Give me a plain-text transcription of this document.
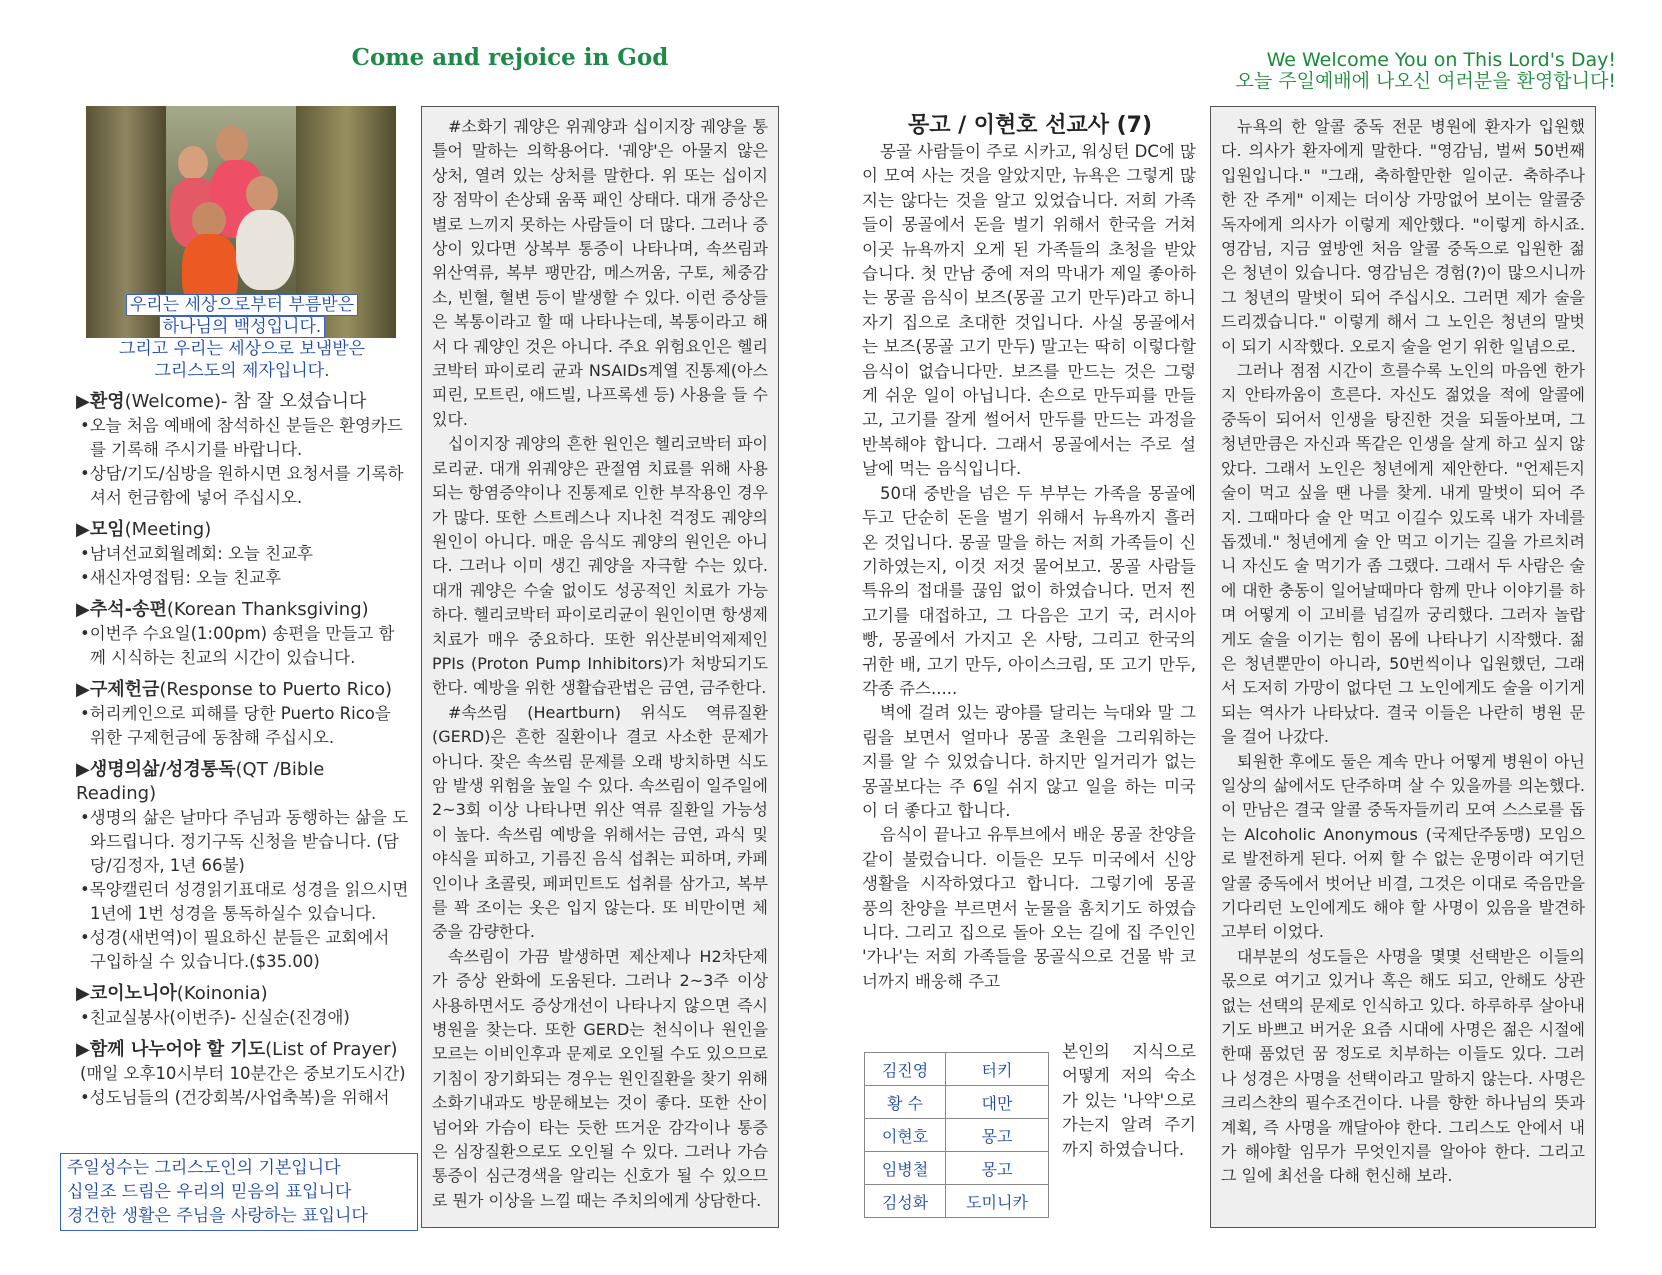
Come and rejoice in God	We Welcome You on This Lord's Day!
오늘 주일예배에 나오신 여러분을 환영합니다!
우리는 세상으로부터 부름받은
하나님의 백성입니다.
그리고 우리는 세상으로 보냄받은
그리스도의 제자입니다.
▶환영(Welcome)- 참 잘 오셨습니다
•오늘 처음 예배에 참석하신 분들은 환영카드를 기록해 주시기를 바랍니다.
•상담/기도/심방을 원하시면 요청서를 기록하셔서 헌금함에 넣어 주십시오.
▶모임(Meeting)
•남녀선교회월례회: 오늘 친교후
•새신자영접팀: 오늘 친교후
▶추석-송편(Korean Thanksgiving)
•이번주 수요일(1:00pm) 송편을 만들고 함께 시식하는 친교의 시간이 있습니다.
▶구제헌금(Response to Puerto Rico)
•허리케인으로 피해를 당한 Puerto Rico을 위한 구제헌금에 동참해 주십시오.
▶생명의삶/성경통독(QT /Bible Reading)
•생명의 삶은 날마다 주님과 동행하는 삶을 도와드립니다. 정기구독 신청을 받습니다. (담당/김정자, 1년 66불)
•목양캘린더 성경읽기표대로 성경을 읽으시면 1년에 1번 성경을 통독하실수 있습니다.
•성경(새번역)이 필요하신 분들은 교회에서 구입하실 수 있습니다.($35.00)
▶코이노니아(Koinonia)
•친교실봉사(이번주)- 신실순(진경애)
▶함께 나누어야 할 기도(List of Prayer)
(매일 오후10시부터 10분간은 중보기도시간)
•성도님들의 (건강회복/사업축복)을 위해서
주일성수는 그리스도인의 기본입니다
십일조 드림은 우리의 믿음의 표입니다
경건한 생활은 주님을 사랑하는 표입니다

#소화기 궤양은 위궤양과 십이지장 궤양을 통틀어 말하는 의학용어다. '궤양'은 아물지 않은 상처, 열려 있는 상처를 말한다. 위 또는 십이지장 점막이 손상돼 움푹 패인 상태다. 대개 증상은 별로 느끼지 못하는 사람들이 더 많다. 그러나 증상이 있다면 상복부 통증이 나타나며, 속쓰림과 위산역류, 복부 팽만감, 메스꺼움, 구토, 체중감소, 빈혈, 혈변 등이 발생할 수 있다. 이런 증상들은 복통이라고 할 때 나타나는데, 복통이라고 해서 다 궤양인 것은 아니다. 주요 위험요인은 헬리코박터 파이로리 균과 NSAIDs계열 진통제(아스피린, 모트린, 애드빌, 나프록센 등) 사용을 들 수 있다.

십이지장 궤양의 흔한 원인은 헬리코박터 파이로리균. 대개 위궤양은 관절염 치료를 위해 사용되는 항염증약이나 진통제로 인한 부작용인 경우가 많다. 또한 스트레스나 지나친 걱정도 궤양의 원인이 아니다. 매운 음식도 궤양의 원인은 아니다. 그러나 이미 생긴 궤양을 자극할 수는 있다. 대개 궤양은 수술 없이도 성공적인 치료가 가능하다. 헬리코박터 파이로리균이 원인이면 항생제 치료가 매우 중요하다. 또한 위산분비억제제인 PPIs (Proton Pump Inhibitors)가 처방되기도 한다. 예방을 위한 생활습관법은 금연, 금주한다.

#속쓰림 (Heartburn) 위식도 역류질환(GERD)은 흔한 질환이나 결코 사소한 문제가 아니다. 잦은 속쓰림 문제를 오래 방치하면 식도암 발생 위험을 높일 수 있다. 속쓰림이 일주일에 2~3회 이상 나타나면 위산 역류 질환일 가능성이 높다. 속쓰림 예방을 위해서는 금연, 과식 및 야식을 피하고, 기름진 음식 섭취는 피하며, 카페인이나 초콜릿, 페퍼민트도 섭취를 삼가고, 복부를 꽉 조이는 옷은 입지 않는다. 또 비만이면 체중을 감량한다.

속쓰림이 가끔 발생하면 제산제나 H2차단제가 증상 완화에 도움된다. 그러나 2~3주 이상 사용하면서도 증상개선이 나타나지 않으면 즉시 병원을 찾는다. 또한 GERD는 천식이나 원인을 모르는 이비인후과 문제로 오인될 수도 있으므로 기침이 장기화되는 경우는 원인질환을 찾기 위해 소화기내과도 방문해보는 것이 좋다. 또한 산이 넘어와 가슴이 타는 듯한 뜨거운 감각이나 통증은 심장질환으로도 오인될 수 있다. 그러나 가슴통증이 심근경색을 알리는 신호가 될 수 있으므로 뭔가 이상을 느낄 때는 주치의에게 상담한다.

몽고 / 이현호 선교사 (7)

몽골 사람들이 주로 시카고, 워싱턴 DC에 많이 모여 사는 것을 알았지만, 뉴욕은 그렇게 많지는 않다는 것을 알고 있었습니다. 저희 가족들이 몽골에서 돈을 벌기 위해서 한국을 거쳐 이곳 뉴욕까지 오게 된 가족들의 초청을 받았습니다. 첫 만남 중에 저의 막내가 제일 좋아하는 몽골 음식이 보즈(몽골 고기 만두)라고 하니 자기 집으로 초대한 것입니다. 사실 몽골에서는 보즈(몽골 고기 만두) 말고는 딱히 이렇다할 음식이 없습니다만. 보즈를 만드는 것은 그렇게 쉬운 일이 아닙니다. 손으로 만두피를 만들고, 고기를 잘게 썰어서 만두를 만드는 과정을 반복해야 합니다. 그래서 몽골에서는 주로 설날에 먹는 음식입니다.

50대 중반을 넘은 두 부부는 가족을 몽골에 두고 단순히 돈을 벌기 위해서 뉴욕까지 흘러 온 것입니다. 몽골 말을 하는 저희 가족들이 신기하였는지, 이것 저것 물어보고. 몽골 사람들 특유의 접대를 끊임 없이 하였습니다. 먼저 찐 고기를 대접하고, 그 다음은 고기 국, 러시아 빵, 몽골에서 가지고 온 사탕, 그리고 한국의 귀한 배, 고기 만두, 아이스크림, 또 고기 만두, 각종 쥬스.....

벽에 걸려 있는 광야를 달리는 늑대와 말 그림을 보면서 얼마나 몽골 초원을 그리워하는 지를 알 수 있었습니다. 하지만 일거리가 없는 몽골보다는 주 6일 쉬지 않고 일을 하는 미국이 더 좋다고 합니다.

음식이 끝나고 유투브에서 배운 몽골 찬양을 같이 불렀습니다. 이들은 모두 미국에서 신앙 생활을 시작하였다고 합니다. 그렇기에 몽골 풍의 찬양을 부르면서 눈물을 훔치기도 하였습니다. 그리고 집으로 돌아 오는 길에 집 주인인 '가나'는 저희 가족들을 몽골식으로 건물 밖 코너까지 배웅해 주고

김진영	터키
황 수	대만
이현호	몽고
임병철	몽고
김성화	도미니카
본인의 지식으로 어떻게 저의 숙소가 있는 '나약'으로 가는지 알려 주기까지 하였습니다.

뉴욕의 한 알콜 중독 전문 병원에 환자가 입원했다. 의사가 환자에게 말한다. "영감님, 벌써 50번째 입원입니다." "그래, 축하할만한 일이군. 축하주나 한 잔 주게" 이제는 더이상 가망없어 보이는 알콜중독자에게 의사가 이렇게 제안했다. "이렇게 하시죠. 영감님, 지금 옆방엔 처음 알콜 중독으로 입원한 젊은 청년이 있습니다. 영감님은 경험(?)이 많으시니까 그 청년의 말벗이 되어 주십시오. 그러면 제가 술을 드리겠습니다." 이렇게 해서 그 노인은 청년의 말벗이 되기 시작했다. 오로지 술을 얻기 위한 일념으로.

그러나 점점 시간이 흐를수록 노인의 마음엔 한가지 안타까움이 흐른다. 자신도 젊었을 적에 알콜에 중독이 되어서 인생을 탕진한 것을 되돌아보며, 그 청년만큼은 자신과 똑같은 인생을 살게 하고 싶지 않았다. 그래서 노인은 청년에게 제안한다. "언제든지 술이 먹고 싶을 땐 나를 찾게. 내게 말벗이 되어 주지. 그때마다 술 안 먹고 이길수 있도록 내가 자네를 돕겠네." 청년에게 술 안 먹고 이기는 길을 가르치려니 자신도 술 먹기가 좀 그랬다. 그래서 두 사람은 술에 대한 충동이 일어날때마다 함께 만나 이야기를 하며 어떻게 이 고비를 넘길까 궁리했다. 그러자 놀랍게도 술을 이기는 힘이 몸에 나타나기 시작했다. 젊은 청년뿐만이 아니라, 50번씩이나 입원했던, 그래서 도저히 가망이 없다던 그 노인에게도 술을 이기게 되는 역사가 나타났다. 결국 이들은 나란히 병원 문을 걸어 나갔다.

퇴원한 후에도 둘은 계속 만나 어떻게 병원이 아닌 일상의 삶에서도 단주하며 살 수 있을까를 의논했다. 이 만남은 결국 알콜 중독자들끼리 모여 스스로를 돕는 Alcoholic Anonymous (국제단주동맹) 모임으로 발전하게 된다. 어찌 할 수 없는 운명이라 여기던 알콜 중독에서 벗어난 비결, 그것은 이대로 죽음만을 기다리던 노인에게도 해야 할 사명이 있음을 발견하고부터 이었다.

대부분의 성도들은 사명을 몇몇 선택받은 이들의 몫으로 여기고 있거나 혹은 해도 되고, 안해도 상관없는 선택의 문제로 인식하고 있다. 하루하루 살아내기도 바쁘고 버거운 요즘 시대에 사명은 젊은 시절에 한때 품었던 꿈 정도로 치부하는 이들도 있다. 그러나 성경은 사명을 선택이라고 말하지 않는다. 사명은 크리스챤의 필수조건이다. 나를 향한 하나님의 뜻과 계획, 즉 사명을 깨달아야 한다. 그리스도 안에서 내가 해야할 임무가 무엇인지를 알아야 한다. 그리고 그 일에 최선을 다해 헌신해 보라.
